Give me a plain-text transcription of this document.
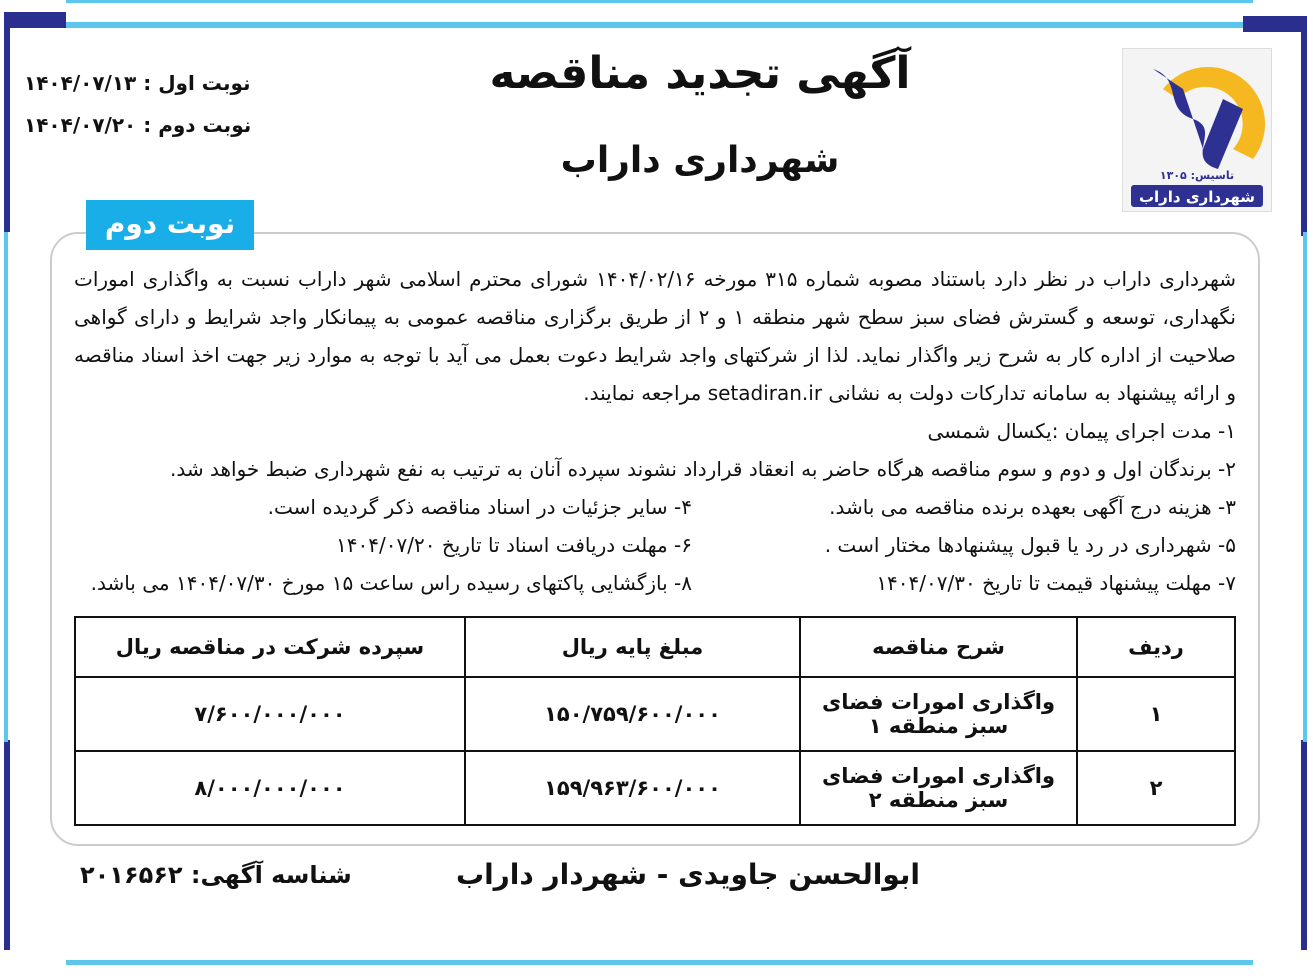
تاسیس: ۱۳۰۵
شهرداری داراب
آگهی تجدید مناقصه
شهرداری داراب
نوبت اول : ۱۴۰۴/۰۷/۱۳
نوبت دوم : ۱۴۰۴/۰۷/۲۰
نوبت دوم
شهرداری داراب در نظر دارد باستناد مصوبه شماره ۳۱۵ مورخه ۱۴۰۴/۰۲/۱۶ شورای محترم اسلامی شهر داراب نسبت به واگذاری امورات نگهداری، توسعه و گسترش فضای سبز سطح شهر منطقه ۱ و ۲ از طریق برگزاری مناقصه عمومی به پیمانکار واجد شرایط و دارای گواهی صلاحیت از اداره کار به شرح زیر واگذار نماید. لذا از شرکتهای واجد شرایط دعوت بعمل می آید با توجه به موارد زیر جهت اخذ اسناد مناقصه و ارائه پیشنهاد به سامانه تدارکات دولت به نشانی setadiran.ir مراجعه نمایند.
۱- مدت اجرای پیمان :یکسال شمسی
۲- برندگان اول و دوم و سوم مناقصه هرگاه حاضر به انعقاد قرارداد نشوند سپرده آنان به ترتیب به نفع شهرداری ضبط خواهد شد.
۳- هزینه درج آگهی بعهده برنده مناقصه می باشد.
۴- سایر جزئیات در اسناد مناقصه ذکر گردیده است.
۵- شهرداری در رد یا قبول پیشنهادها مختار است .
۶- مهلت دریافت اسناد تا تاریخ ۱۴۰۴/۰۷/۲۰
۷- مهلت پیشنهاد قیمت تا تاریخ ۱۴۰۴/۰۷/۳۰
۸- بازگشایی پاکتهای رسیده راس ساعت ۱۵ مورخ ۱۴۰۴/۰۷/۳۰ می باشد.
ردیف	شرح مناقصه	مبلغ پایه ریال	سپرده شرکت در مناقصه ریال
۱	واگذاری امورات فضای سبز منطقه ۱	۱۵۰/۷۵۹/۶۰۰/۰۰۰	۷/۶۰۰/۰۰۰/۰۰۰
۲	واگذاری امورات فضای سبز منطقه ۲	۱۵۹/۹۶۳/۶۰۰/۰۰۰	۸/۰۰۰/۰۰۰/۰۰۰
ابوالحسن جاویدی - شهردار داراب
شناسه آگهی: ۲۰۱۶۵۶۲
